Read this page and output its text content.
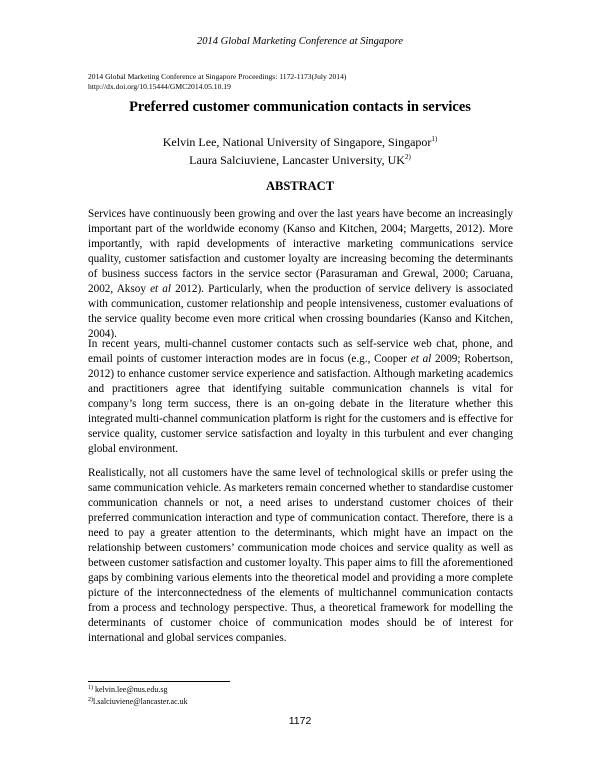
2014 Global Marketing Conference at Singapore
2014 Global Marketing Conference at Singapore Proceedings: 1172-1173(July 2014)
http://dx.doi.org/10.15444/GMC2014.05.10.19
Preferred customer communication contacts in services
Kelvin Lee, National University of Singapore, Singapor$^{1)}$
Laura Salciuviene, Lancaster University, UK$^{2)}$
ABSTRACT
Services have continuously been growing and over the last years have become an increasingly important part of the worldwide economy (Kanso and Kitchen, 2004; Margetts, 2012). More importantly, with rapid developments of interactive marketing communications service quality, customer satisfaction and customer loyalty are increasing becoming the determinants of business success factors in the service sector (Parasuraman and Grewal, 2000; Caruana, 2002, Aksoy et al 2012). Particularly, when the production of service delivery is associated with communication, customer relationship and people intensiveness, customer evaluations of the service quality become even more critical when crossing boundaries (Kanso and Kitchen, 2004).
In recent years, multi-channel customer contacts such as self-service web chat, phone, and email points of customer interaction modes are in focus (e.g., Cooper et al 2009; Robertson, 2012) to enhance customer service experience and satisfaction. Although marketing academics and practitioners agree that identifying suitable communication channels is vital for company’s long term success, there is an on-going debate in the literature whether this integrated multi-channel communication platform is right for the customers and is effective for service quality, customer service satisfaction and loyalty in this turbulent and ever changing global environment.
Realistically, not all customers have the same level of technological skills or prefer using the same communication vehicle. As marketers remain concerned whether to standardise customer communication channels or not, a need arises to understand customer choices of their preferred communication interaction and type of communication contact. Therefore, there is a need to pay a greater attention to the determinants, which might have an impact on the relationship between customers’ communication mode choices and service quality as well as between customer satisfaction and customer loyalty. This paper aims to fill the aforementioned gaps by combining various elements into the theoretical model and providing a more complete picture of the interconnectedness of the elements of multichannel communication contacts from a process and technology perspective. Thus, a theoretical framework for modelling the determinants of customer choice of communication modes should be of interest for international and global services companies.
$^{1)}$ kelvin.lee@nus.edu.sg
$^{2)}$l.salciuviene@lancaster.ac.uk
1172
